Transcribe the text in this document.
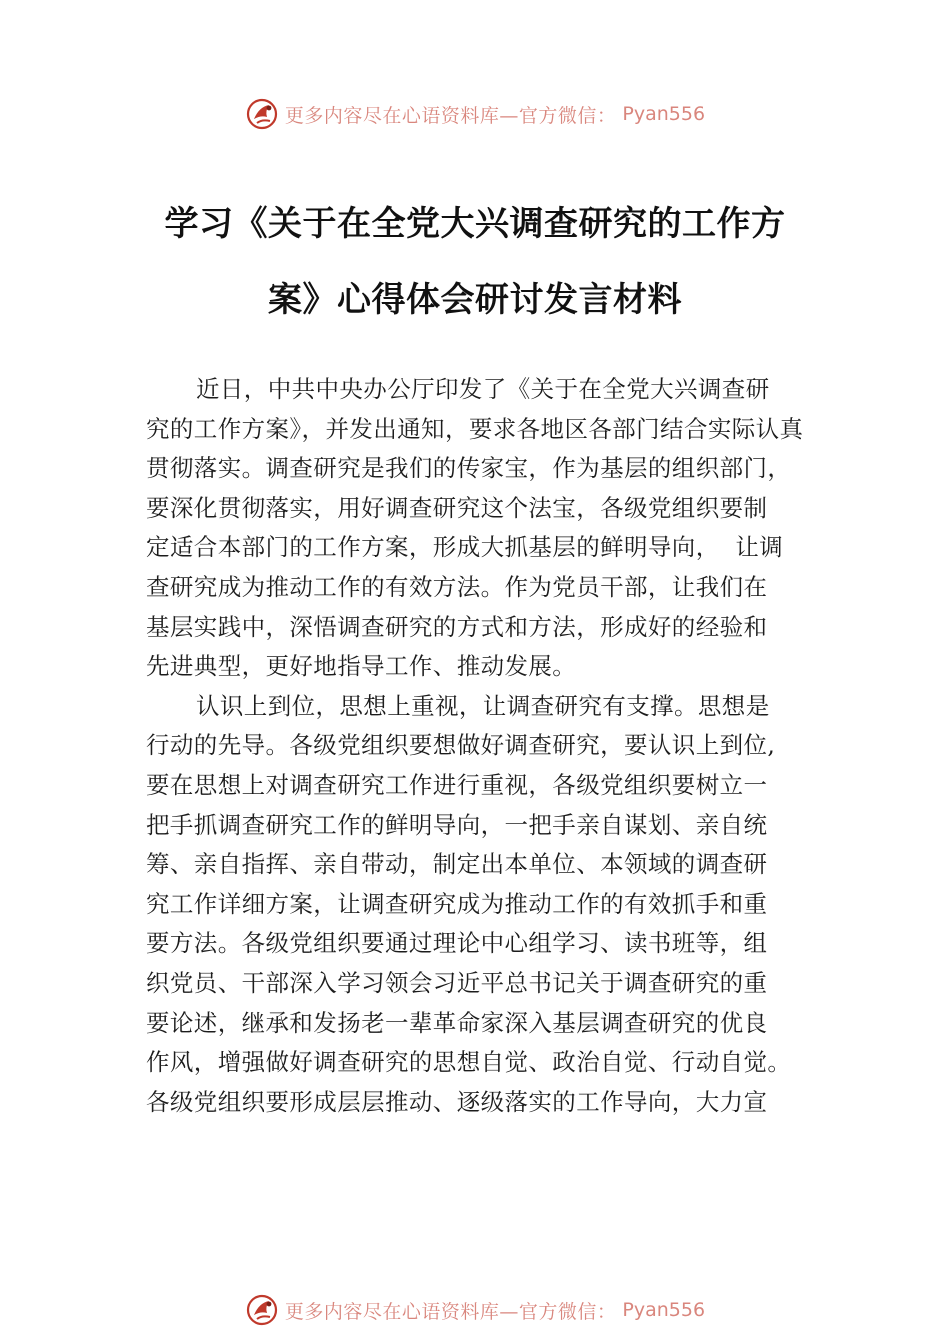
更多内容尽在心语资料库—官方微信： Pyan556
学习《关于在全党大兴调查研究的工作方
案》心得体会研讨发言材料
近日，中共中央办公厅印发了《关于在全党大兴调查研
究的工作方案》，并发出通知，要求各地区各部门结合实际认真
贯彻落实。调查研究是我们的传家宝，作为基层的组织部门，
要深化贯彻落实，用好调查研究这个法宝，各级党组织要制
定适合本部门的工作方案，形成大抓基层的鲜明导向，  让调
查研究成为推动工作的有效方法。作为党员干部，让我们在
基层实践中，深悟调查研究的方式和方法，形成好的经验和
先进典型，更好地指导工作、推动发展。
认识上到位，思想上重视，让调查研究有支撑。思想是
行动的先导。各级党组织要想做好调查研究，要认识上到位,
要在思想上对调查研究工作进行重视，各级党组织要树立一
把手抓调查研究工作的鲜明导向，一把手亲自谋划、亲自统
筹、亲自指挥、亲自带动，制定出本单位、本领域的调查研
究工作详细方案，让调查研究成为推动工作的有效抓手和重
要方法。各级党组织要通过理论中心组学习、读书班等，组
织党员、干部深入学习领会习近平总书记关于调查研究的重
要论述，继承和发扬老一辈革命家深入基层调查研究的优良
作风，增强做好调查研究的思想自觉、政治自觉、行动自觉。
各级党组织要形成层层推动、逐级落实的工作导向，大力宣
更多内容尽在心语资料库—官方微信： Pyan556
